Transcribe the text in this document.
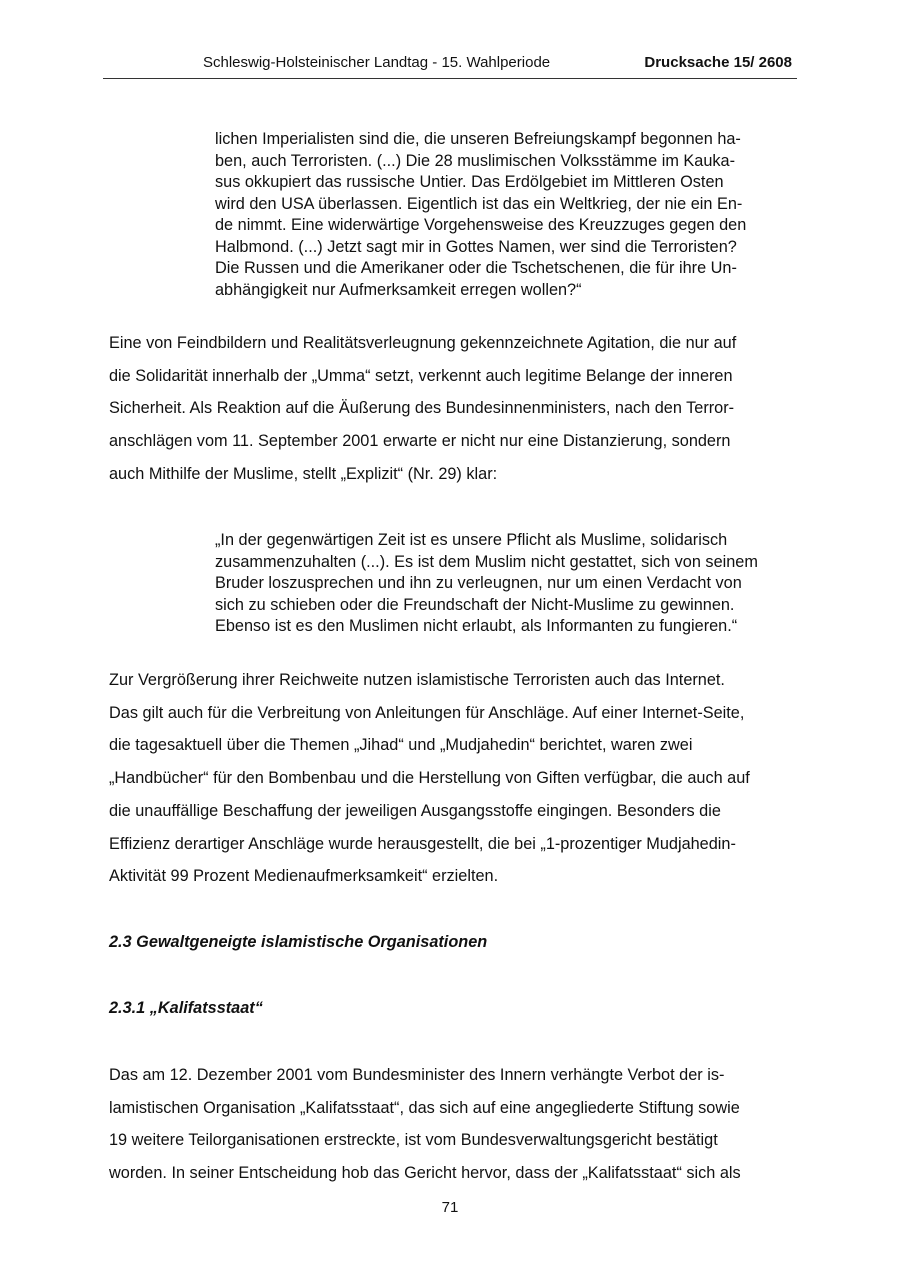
Schleswig-Holsteinischer Landtag - 15. Wahlperiode	Drucksache 15/ 2608
lichen Imperialisten sind die, die unseren Befreiungskampf begonnen ha-
ben, auch Terroristen. (...) Die 28 muslimischen Volksstämme im Kauka-
sus okkupiert das russische Untier. Das Erdölgebiet im Mittleren Osten
wird den USA überlassen. Eigentlich ist das ein Weltkrieg, der nie ein En-
de nimmt. Eine widerwärtige Vorgehensweise des Kreuzzuges gegen den
Halbmond. (...) Jetzt sagt mir in Gottes Namen, wer sind die Terroristen?
Die Russen und die Amerikaner oder die Tschetschenen, die für ihre Un-
abhängigkeit nur Aufmerksamkeit erregen wollen?“
Eine von Feindbildern und Realitätsverleugnung gekennzeichnete Agitation, die nur auf
die Solidarität innerhalb der „Umma“ setzt, verkennt auch legitime Belange der inneren
Sicherheit. Als Reaktion auf die Äußerung des Bundesinnenministers, nach den Terror-
anschlägen vom 11. September 2001 erwarte er nicht nur eine Distanzierung, sondern
auch Mithilfe der Muslime, stellt „Explizit“ (Nr. 29) klar:
„In der gegenwärtigen Zeit ist es unsere Pflicht als Muslime, solidarisch
zusammenzuhalten (...). Es ist dem Muslim nicht gestattet, sich von seinem
Bruder loszusprechen und ihn zu verleugnen, nur um einen Verdacht von
sich zu schieben oder die Freundschaft der Nicht-Muslime zu gewinnen.
Ebenso ist es den Muslimen nicht erlaubt, als Informanten zu fungieren.“
Zur Vergrößerung ihrer Reichweite nutzen islamistische Terroristen auch das Internet.
Das gilt auch für die Verbreitung von Anleitungen für Anschläge. Auf einer Internet-Seite,
die tagesaktuell über die Themen „Jihad“ und „Mudjahedin“ berichtet, waren zwei
„Handbücher“ für den Bombenbau und die Herstellung von Giften verfügbar, die auch auf
die unauffällige Beschaffung der jeweiligen Ausgangsstoffe eingingen. Besonders die
Effizienz derartiger Anschläge wurde herausgestellt, die bei „1-prozentiger Mudjahedin-
Aktivität 99 Prozent Medienaufmerksamkeit“ erzielten.
2.3 Gewaltgeneigte islamistische Organisationen
2.3.1 „Kalifatsstaat“
Das am 12. Dezember 2001 vom Bundesminister des Innern verhängte Verbot der is-
lamistischen Organisation „Kalifatsstaat“, das sich auf eine angegliederte Stiftung sowie
19 weitere Teilorganisationen erstreckte, ist vom Bundesverwaltungsgericht bestätigt
worden. In seiner Entscheidung hob das Gericht hervor, dass der „Kalifatsstaat“ sich als
71
